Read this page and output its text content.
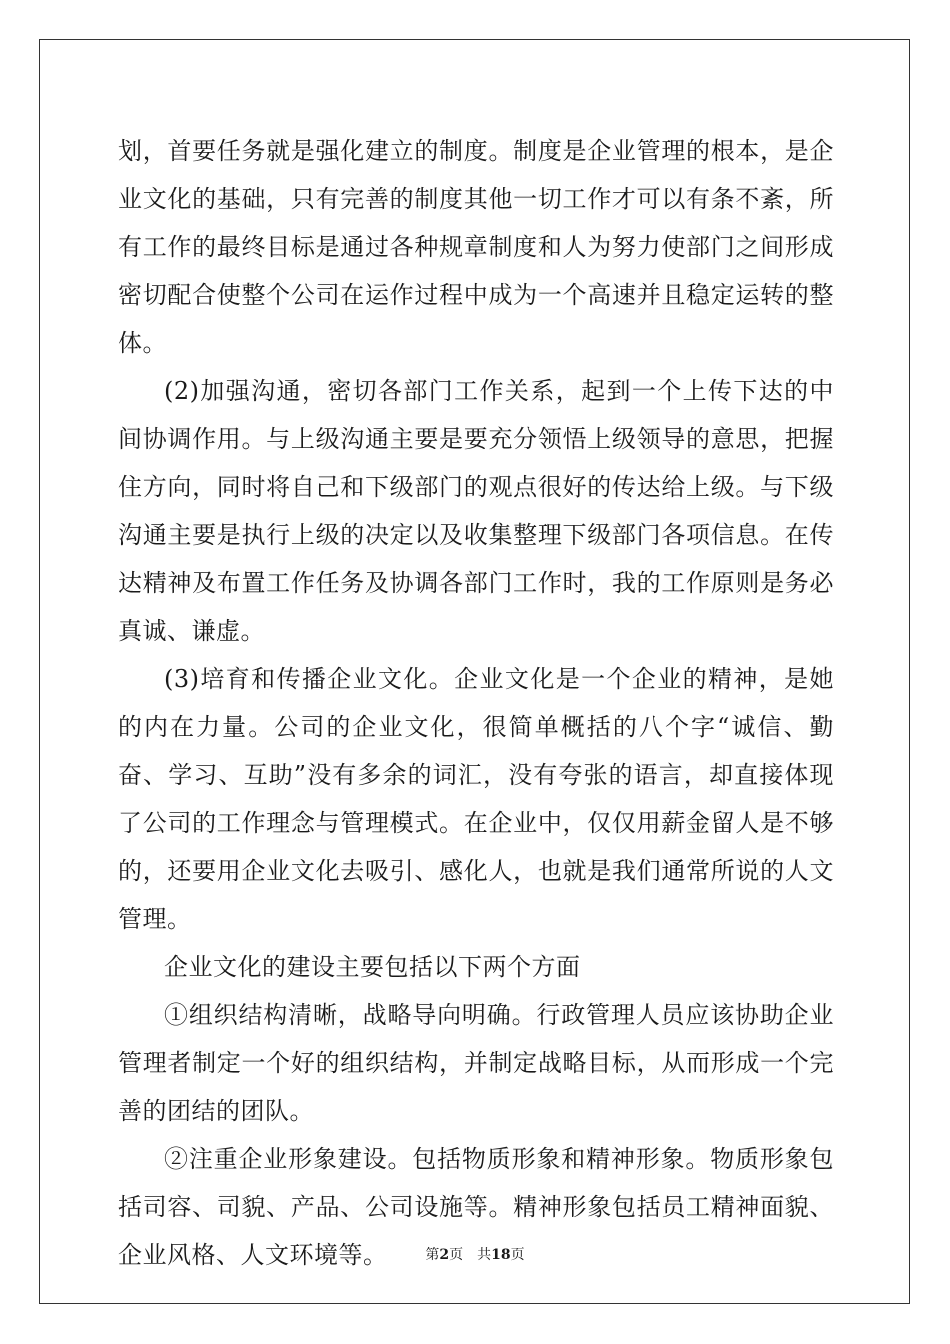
划，首要任务就是强化建立的制度。制度是企业管理的根本，是企业文化的基础，只有完善的制度其他一切工作才可以有条不紊，所有工作的最终目标是通过各种规章制度和人为努力使部门之间形成密切配合使整个公司在运作过程中成为一个高速并且稳定运转的整体。

(2)加强沟通，密切各部门工作关系，起到一个上传下达的中间协调作用。与上级沟通主要是要充分领悟上级领导的意思，把握住方向，同时将自己和下级部门的观点很好的传达给上级。与下级沟通主要是执行上级的决定以及收集整理下级部门各项信息。在传达精神及布置工作任务及协调各部门工作时，我的工作原则是务必真诚、谦虚。

(3)培育和传播企业文化。企业文化是一个企业的精神，是她的内在力量。公司的企业文化，很简单概括的八个字“诚信、勤奋、学习、互助”没有多余的词汇，没有夸张的语言，却直接体现了公司的工作理念与管理模式。在企业中，仅仅用薪金留人是不够的，还要用企业文化去吸引、感化人，也就是我们通常所说的人文管理。

企业文化的建设主要包括以下两个方面

①组织结构清晰，战略导向明确。行政管理人员应该协助企业管理者制定一个好的组织结构，并制定战略目标，从而形成一个完善的团结的团队。

②注重企业形象建设。包括物质形象和精神形象。物质形象包括司容、司貌、产品、公司设施等。精神形象包括员工精神面貌、企业风格、人文环境等。	第2页 共18页
